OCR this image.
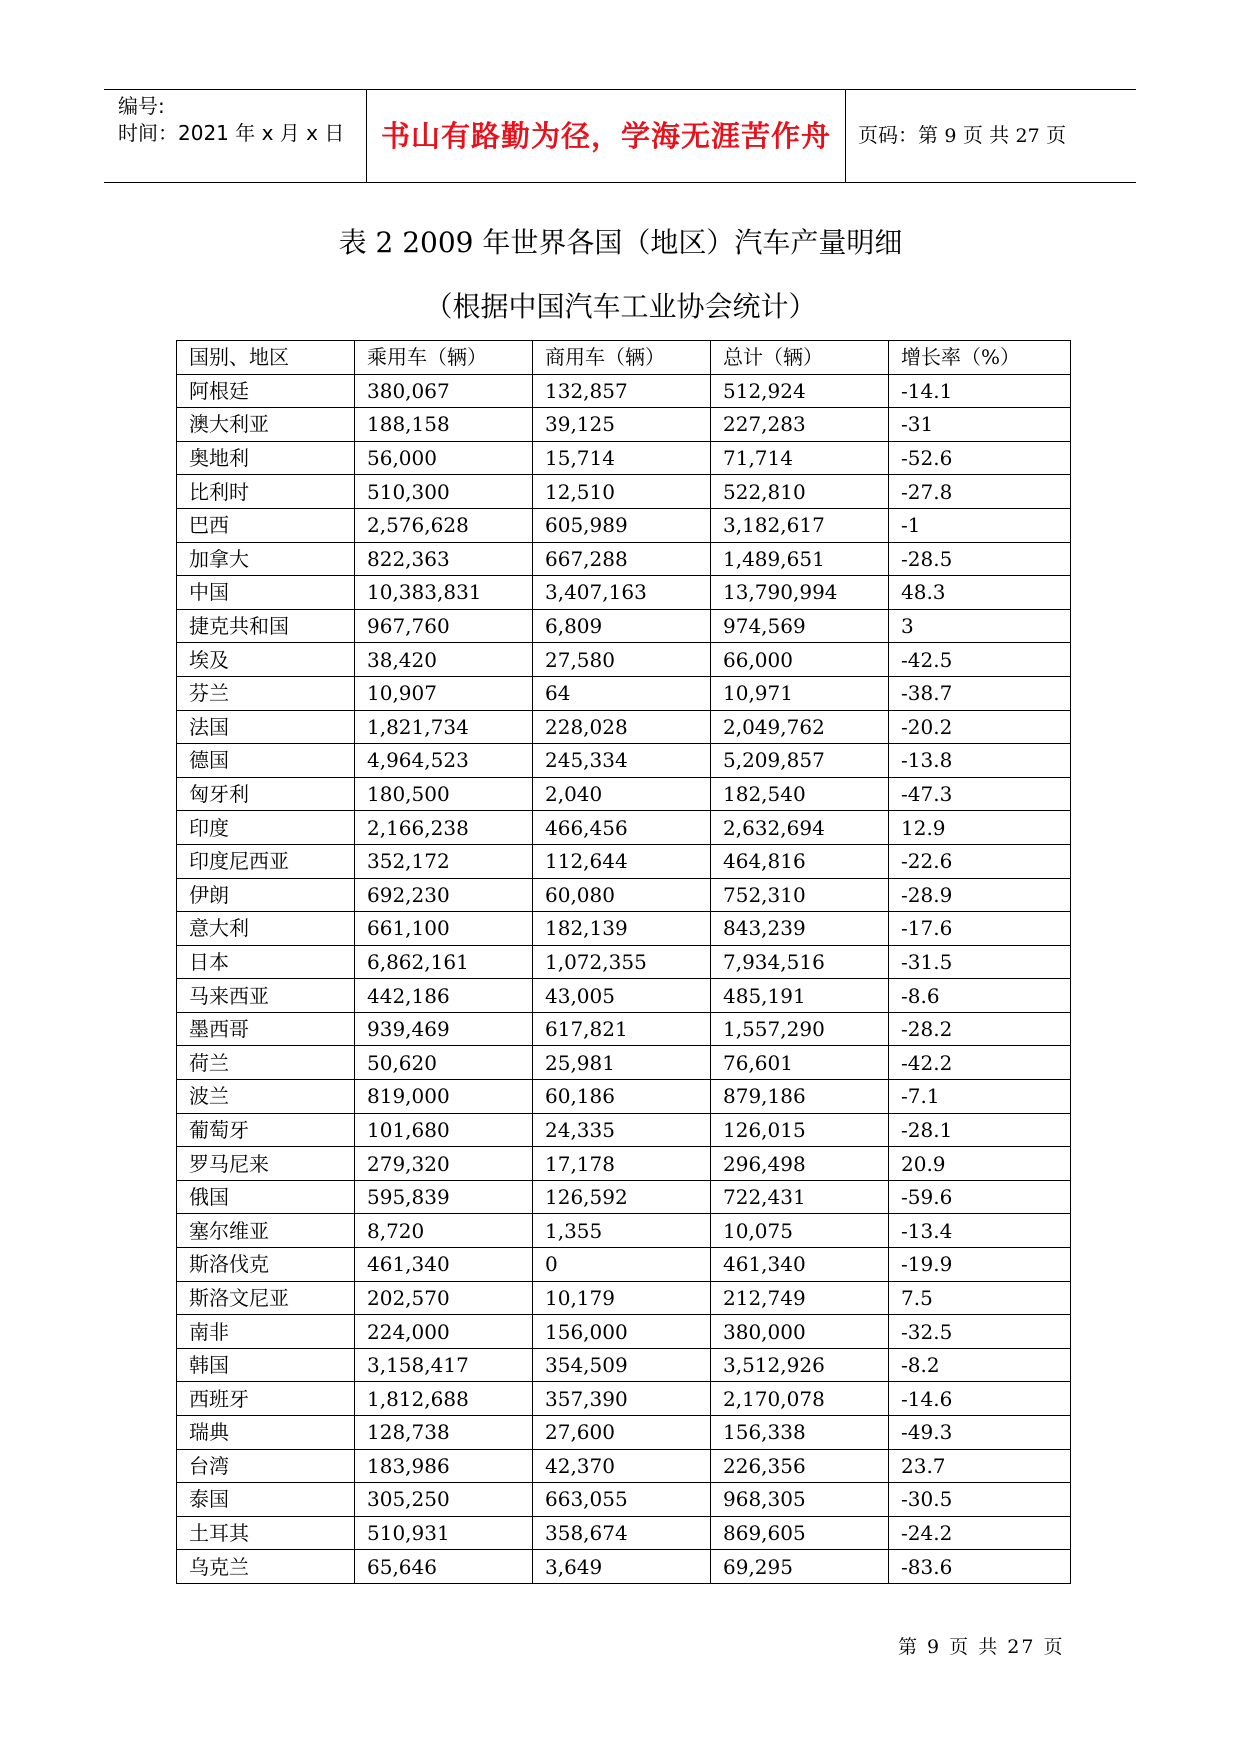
编号:
时间：2021 年 x 月 x 日	书山有路勤为径，学海无涯苦作舟	页码：第 9 页 共 27 页
表 2 2009 年世界各国（地区）汽车产量明细
（根据中国汽车工业协会统计）
国别、地区	乘用车（辆）	商用车（辆）	总计（辆）	增长率（%）
阿根廷	380,067	132,857	512,924	-14.1
澳大利亚	188,158	39,125	227,283	-31
奥地利	56,000	15,714	71,714	-52.6
比利时	510,300	12,510	522,810	-27.8
巴西	2,576,628	605,989	3,182,617	-1
加拿大	822,363	667,288	1,489,651	-28.5
中国	10,383,831	3,407,163	13,790,994	48.3
捷克共和国	967,760	6,809	974,569	3
埃及	38,420	27,580	66,000	-42.5
芬兰	10,907	64	10,971	-38.7
法国	1,821,734	228,028	2,049,762	-20.2
德国	4,964,523	245,334	5,209,857	-13.8
匈牙利	180,500	2,040	182,540	-47.3
印度	2,166,238	466,456	2,632,694	12.9
印度尼西亚	352,172	112,644	464,816	-22.6
伊朗	692,230	60,080	752,310	-28.9
意大利	661,100	182,139	843,239	-17.6
日本	6,862,161	1,072,355	7,934,516	-31.5
马来西亚	442,186	43,005	485,191	-8.6
墨西哥	939,469	617,821	1,557,290	-28.2
荷兰	50,620	25,981	76,601	-42.2
波兰	819,000	60,186	879,186	-7.1
葡萄牙	101,680	24,335	126,015	-28.1
罗马尼来	279,320	17,178	296,498	20.9
俄国	595,839	126,592	722,431	-59.6
塞尔维亚	8,720	1,355	10,075	-13.4
斯洛伐克	461,340	0	461,340	-19.9
斯洛文尼亚	202,570	10,179	212,749	7.5
南非	224,000	156,000	380,000	-32.5
韩国	3,158,417	354,509	3,512,926	-8.2
西班牙	1,812,688	357,390	2,170,078	-14.6
瑞典	128,738	27,600	156,338	-49.3
台湾	183,986	42,370	226,356	23.7
泰国	305,250	663,055	968,305	-30.5
土耳其	510,931	358,674	869,605	-24.2
乌克兰	65,646	3,649	69,295	-83.6
第 9 页 共 27 页
